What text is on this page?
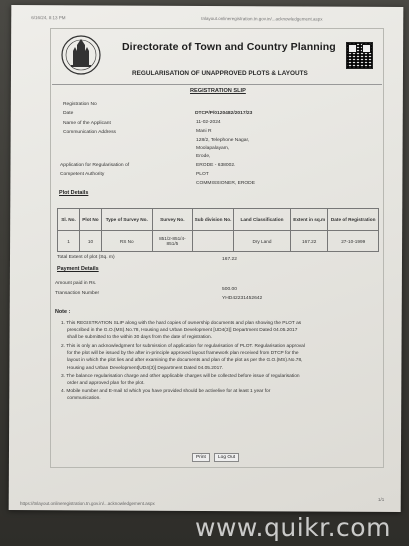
6/16/24, 8:13 PM	tnlayout.onlineregistration.tn.gov.in/...acknowledgement.aspx
Directorate of Town and Country Planning
REGULARISATION OF UNAPPROVED PLOTS & LAYOUTS
REGISTRATION SLIP
Registration No
Date	DTCP/P/0120482/2017/23
Name of the Applicant	11-02-2024
Communication Address	Mani R
128/2, Telephone Nagar,
Moolapalayam,
Erode,
ERODE - 638002.
Application for Regularisation of
PLOT
Competent Authority
COMMISSIONER, ERODE
Plot Details
Sl. No.	Plot No	Type of Survey No.	Survey No.	Sub division No.	Land Classification	Extent in sq.m	Date of Registration
1	10	RS No	851/2-851/4-851/5		Dry Land	167.22	27-10-1999
Total Extent of plot (Sq. m)	167.22
Payment Details
Amount paid in Rs.
500.00
Transaction Number
YHD42231452642
Note :
1. This REGISTRATION SLIP along with the hard copies of ownership documents and plan showing the PLOT as
prescribed in the G.O.(MS).No.78, Housing and Urban Development [UD4(3)] Department Dated 04.05.2017
shall be submitted to the within 30 days from the date of registration.
2. This is only an acknowledgment for submission of application for regularisation of PLOT. Regularisation approval
for the plot will be issued by the after in-principle approved layout framework plan received from DTCP for the
layout in which the plot lies and after examining the documents and plan of the plot as per the G.O.(MS).No.78,
Housing and Urban Development[UD4(3)] Department Dated 04.05.2017.
3. The balance regularisation charge and other applicable charges will be collected before issue of regularisation
order and approved plan for the plot.
4. Mobile number and E-mail Id which you have provided should be activelive for at least 1 year for
communication.
Print	Log Out
https://tnlayout.onlineregistration.tn.gov.in/...acknowledgement.aspx
1/1
www.quikr.com
